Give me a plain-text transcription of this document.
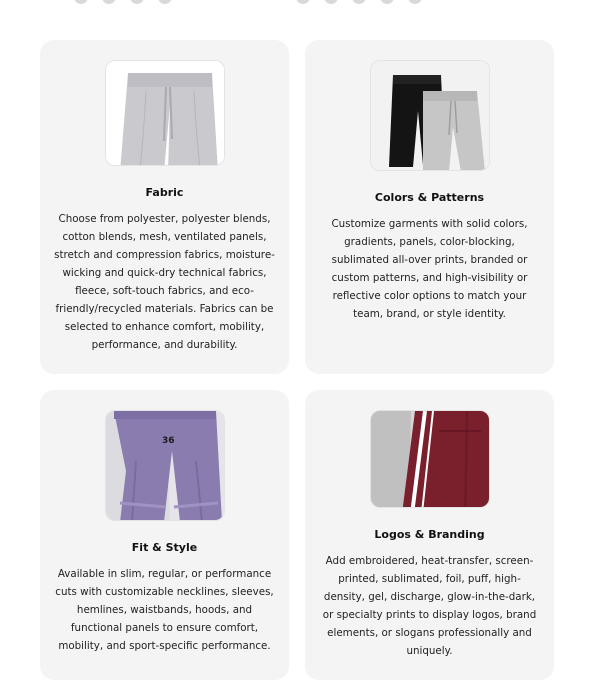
Fabric
Choose from polyester, polyester blends, cotton blends, mesh, ventilated panels, stretch and compression fabrics, moisture-wicking and quick-dry technical fabrics, fleece, soft-touch fabrics, and eco-friendly/recycled materials. Fabrics can be selected to enhance comfort, mobility, performance, and durability.
Colors & Patterns
Customize garments with solid colors, gradients, panels, color-blocking, sublimated all-over prints, branded or custom patterns, and high-visibility or reflective color options to match your team, brand, or style identity.
36
Fit & Style
Available in slim, regular, or performance cuts with customizable necklines, sleeves, hemlines, waistbands, hoods, and functional panels to ensure comfort, mobility, and sport-specific performance.
Logos & Branding
Add embroidered, heat-transfer, screen-printed, sublimated, foil, puff, high-density, gel, discharge, glow-in-the-dark, or specialty prints to display logos, brand elements, or slogans professionally and uniquely.
